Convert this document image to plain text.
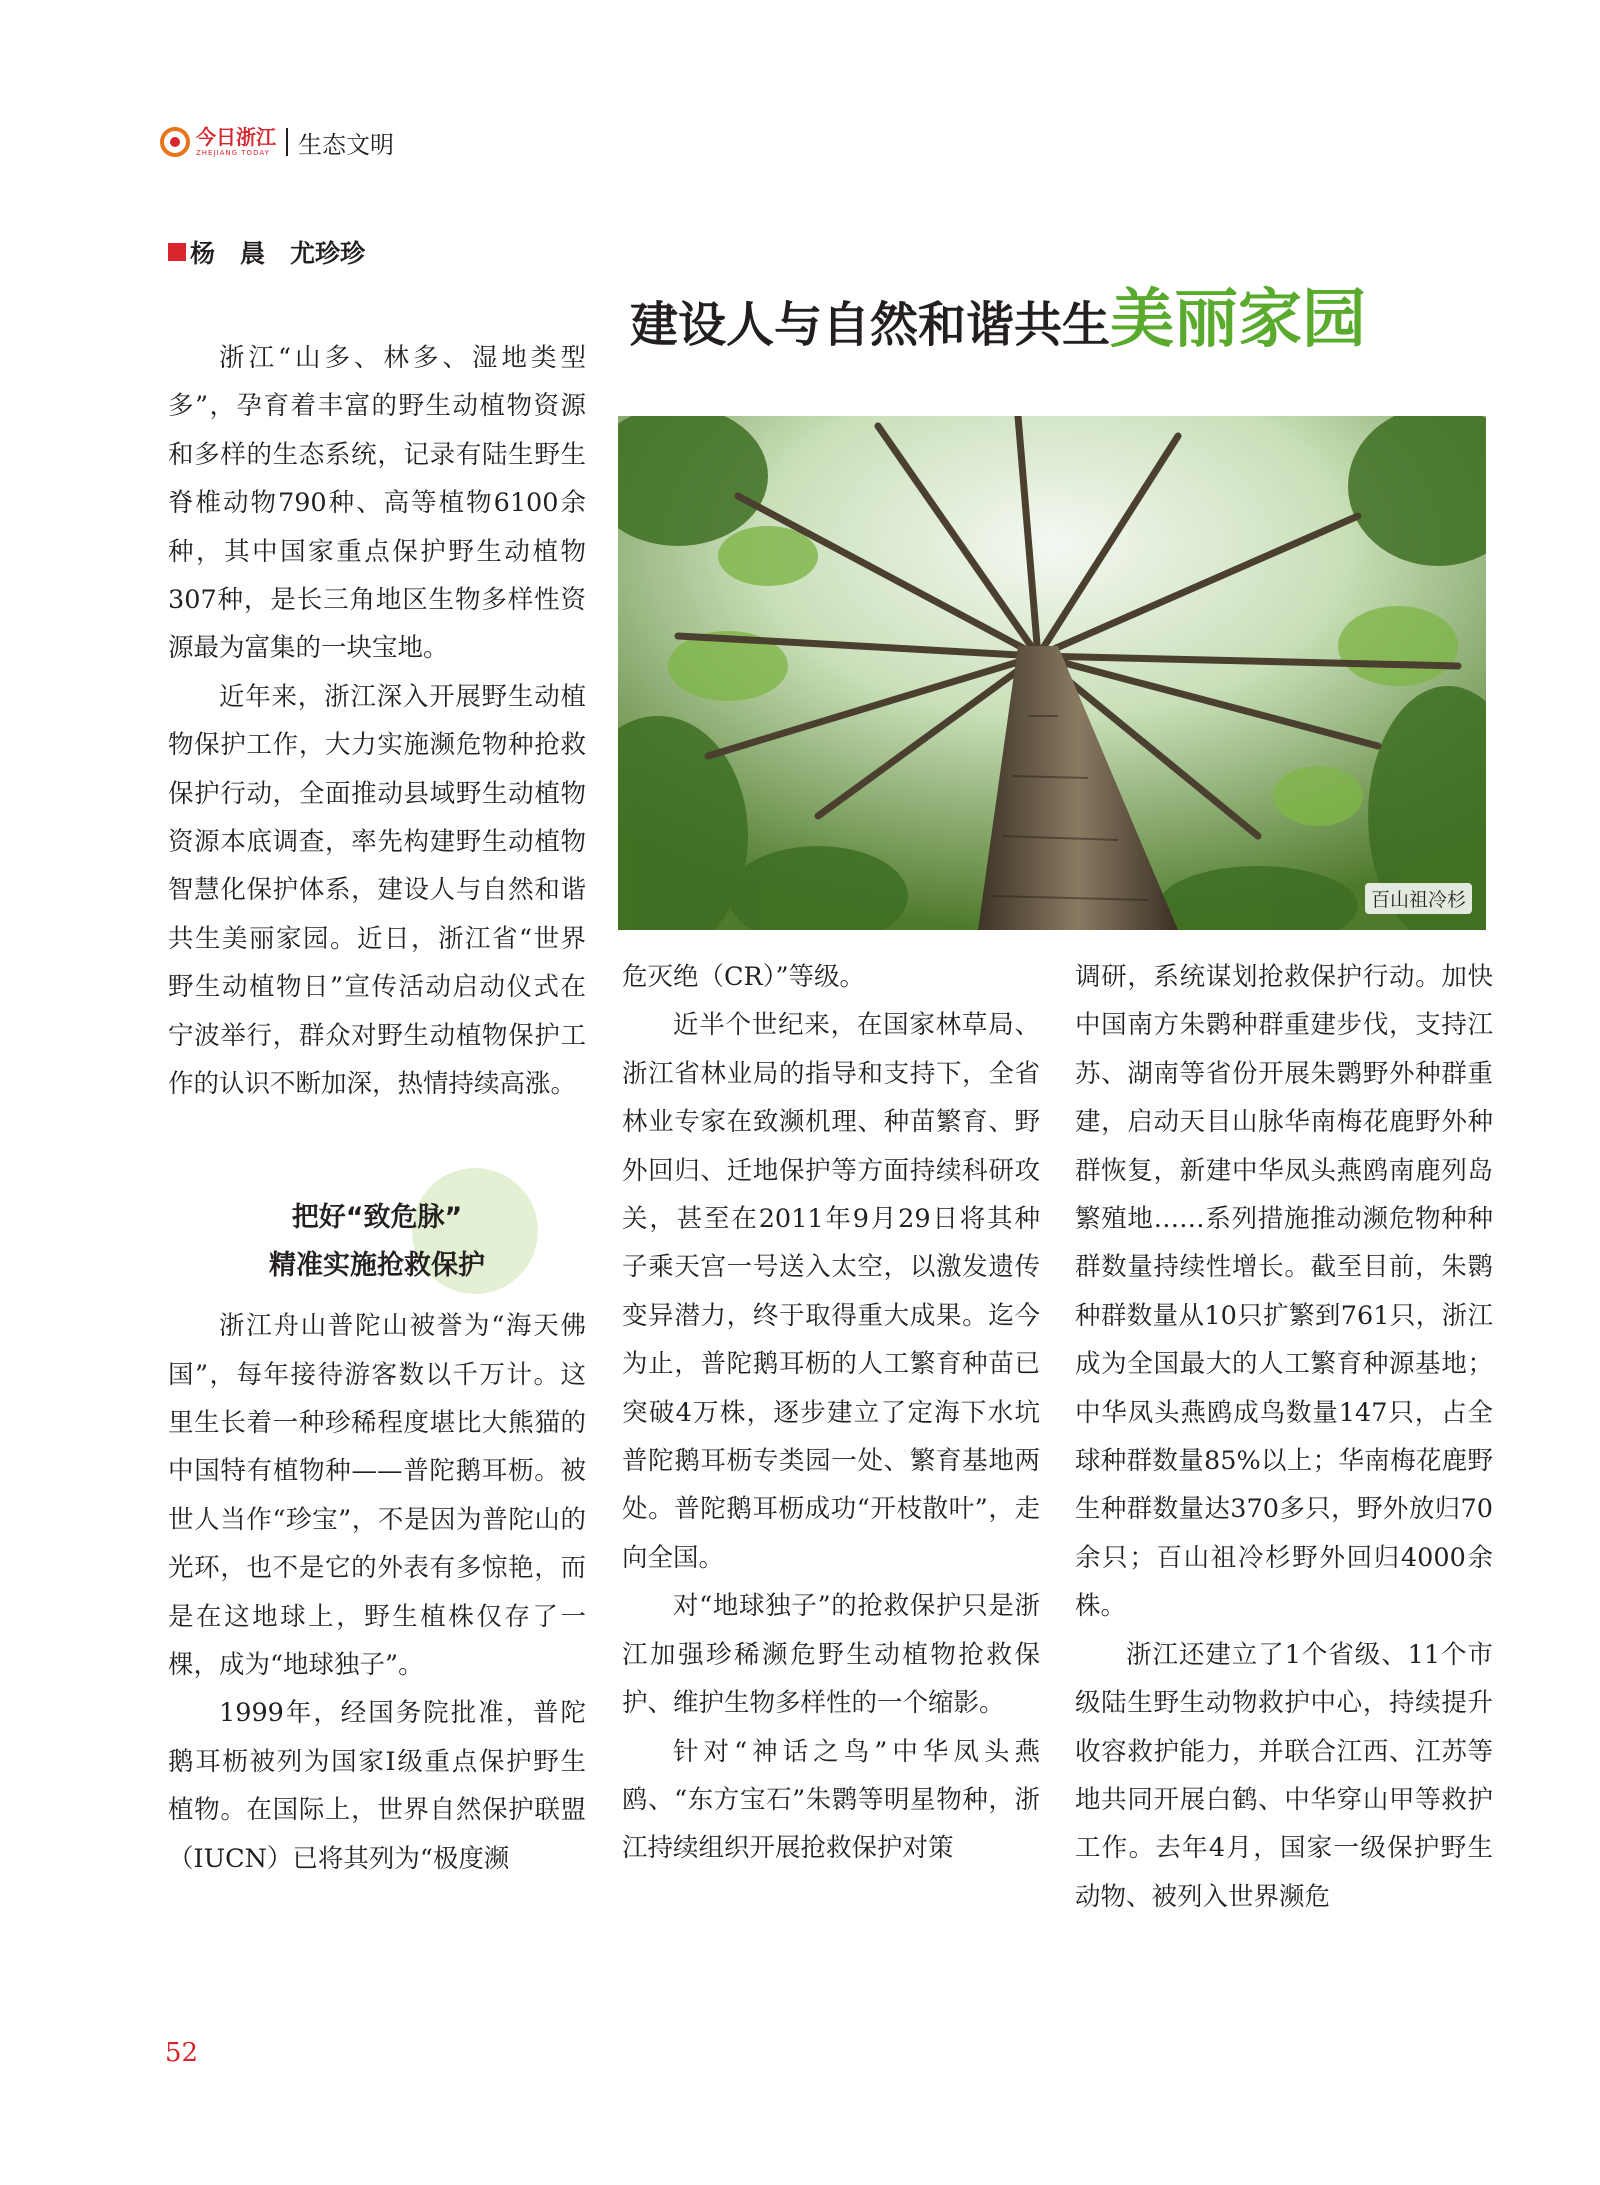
今日浙江
ZHEJIANG TODAY 生态文明
杨　晨　尤珍珍
建设人与自然和谐共生 美丽家园
百山祖冷杉

浙江“山多、林多、湿地类型多”，孕育着丰富的野生动植物资源和多样的生态系统，记录有陆生野生脊椎动物790种、高等植物6100余种，其中国家重点保护野生动植物307种，是长三角地区生物多样性资源最为富集的一块宝地。

近年来，浙江深入开展野生动植物保护工作，大力实施濒危物种抢救保护行动，全面推动县域野生动植物资源本底调查，率先构建野生动植物智慧化保护体系，建设人与自然和谐共生美丽家园。近日，浙江省“世界野生动植物日”宣传活动启动仪式在宁波举行，群众对野生动植物保护工作的认识不断加深，热情持续高涨。

浙江舟山普陀山被誉为“海天佛国”，每年接待游客数以千万计。这里生长着一种珍稀程度堪比大熊猫的中国特有植物种——普陀鹅耳枥。被世人当作“珍宝”，不是因为普陀山的光环，也不是它的外表有多惊艳，而是在这地球上，野生植株仅存了一棵，成为“地球独子”。

1999年，经国务院批准，普陀鹅耳枥被列为国家Ⅰ级重点保护野生植物。在国际上，世界自然保护联盟（IUCN）已将其列为“极度濒

把好“致危脉”
精准实施抢救保护

危灭绝（CR）”等级。

近半个世纪来，在国家林草局、浙江省林业局的指导和支持下，全省林业专家在致濒机理、种苗繁育、野外回归、迁地保护等方面持续科研攻关，甚至在2011年9月29日将其种子乘天宫一号送入太空，以激发遗传变异潜力，终于取得重大成果。迄今为止，普陀鹅耳枥的人工繁育种苗已突破4万株，逐步建立了定海下水坑普陀鹅耳枥专类园一处、繁育基地两处。普陀鹅耳枥成功“开枝散叶”，走向全国。

对“地球独子”的抢救保护只是浙江加强珍稀濒危野生动植物抢救保护、维护生物多样性的一个缩影。

针对“神话之鸟”中华凤头燕鸥、“东方宝石”朱鹮等明星物种，浙江持续组织开展抢救保护对策

调研，系统谋划抢救保护行动。加快中国南方朱鹮种群重建步伐，支持江苏、湖南等省份开展朱鹮野外种群重建，启动天目山脉华南梅花鹿野外种群恢复，新建中华凤头燕鸥南鹿列岛繁殖地……系列措施推动濒危物种种群数量持续性增长。截至目前，朱鹮种群数量从10只扩繁到761只，浙江成为全国最大的人工繁育种源基地；中华凤头燕鸥成鸟数量147只，占全球种群数量85%以上；华南梅花鹿野生种群数量达370多只，野外放归70余只；百山祖冷杉野外回归4000余株。

浙江还建立了1个省级、11个市级陆生野生动物救护中心，持续提升收容救护能力，并联合江西、江苏等地共同开展白鹤、中华穿山甲等救护工作。去年4月，国家一级保护野生动物、被列入世界濒危

52
